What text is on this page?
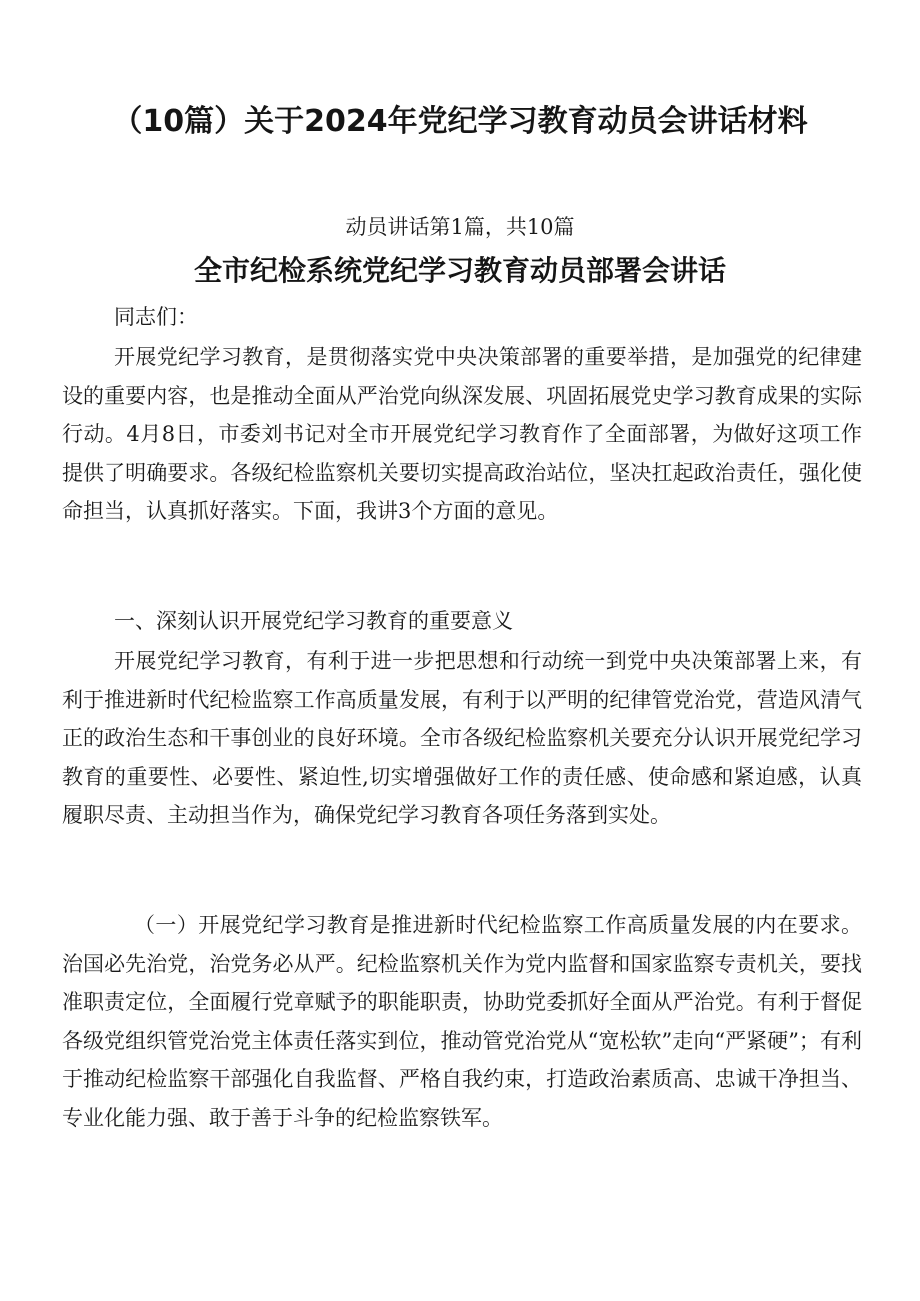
（10篇）关于2024年党纪学习教育动员会讲话材料
动员讲话第1篇，共10篇
全市纪检系统党纪学习教育动员部署会讲话

同志们：

开展党纪学习教育，是贯彻落实党中央决策部署的重要举措，是加强党的纪律建设的重要内容，也是推动全面从严治党向纵深发展、巩固拓展党史学习教育成果的实际行动。4月8日，市委刘书记对全市开展党纪学习教育作了全面部署，为做好这项工作提供了明确要求。各级纪检监察机关要切实提高政治站位，坚决扛起政治责任，强化使命担当，认真抓好落实。下面，我讲3个方面的意见。

一、深刻认识开展党纪学习教育的重要意义

开展党纪学习教育，有利于进一步把思想和行动统一到党中央决策部署上来，有利于推进新时代纪检监察工作高质量发展，有利于以严明的纪律管党治党，营造风清气正的政治生态和干事创业的良好环境。全市各级纪检监察机关要充分认识开展党纪学习教育的重要性、必要性、紧迫性,切实增强做好工作的责任感、使命感和紧迫感，认真履职尽责、主动担当作为，确保党纪学习教育各项任务落到实处。

（一）开展党纪学习教育是推进新时代纪检监察工作高质量发展的内在要求。治国必先治党，治党务必从严。纪检监察机关作为党内监督和国家监察专责机关，要找准职责定位，全面履行党章赋予的职能职责，协助党委抓好全面从严治党。有利于督促各级党组织管党治党主体责任落实到位，推动管党治党从“宽松软”走向“严紧硬”；有利于推动纪检监察干部强化自我监督、严格自我约束，打造政治素质高、忠诚干净担当、专业化能力强、敢于善于斗争的纪检监察铁军。
